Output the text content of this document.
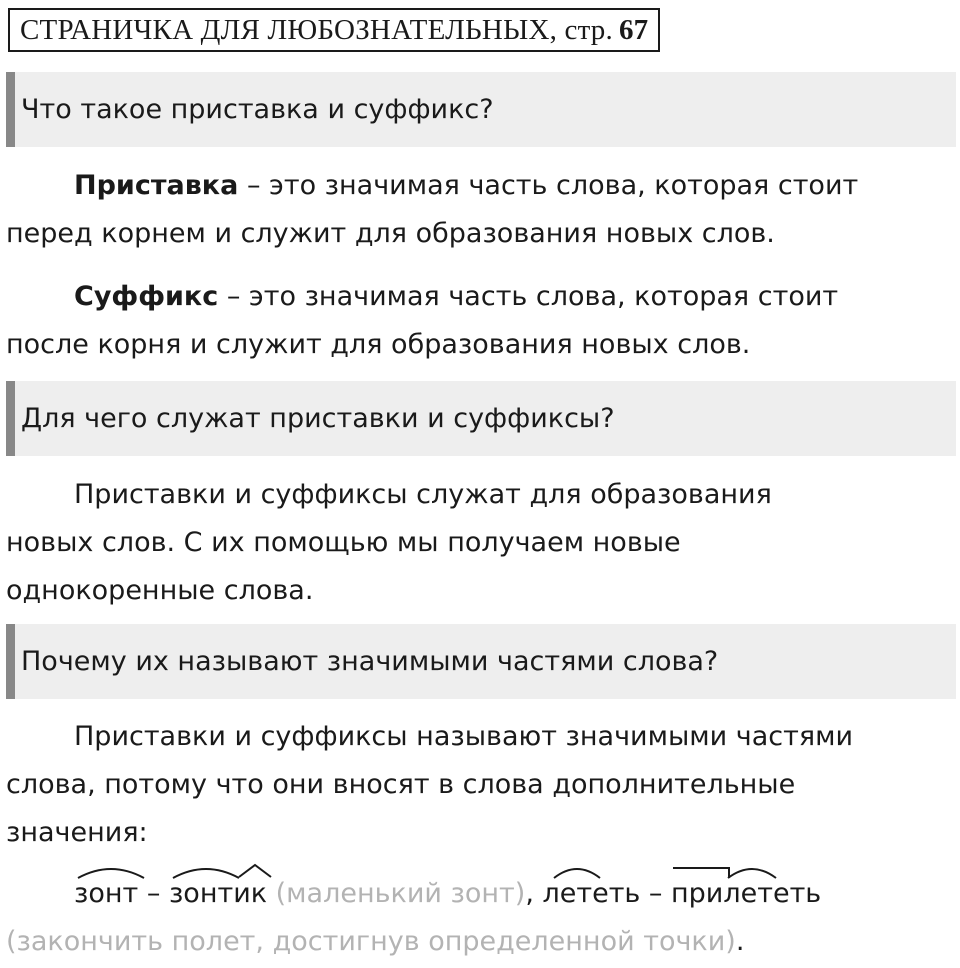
СТРАНИЧКА ДЛЯ ЛЮБОЗНАТЕЛЬНЫХ, стр. 67
Что такое приставка и суффикс?
Приставка – это значимая часть слова, которая стоит
перед корнем и служит для образования новых слов.
Суффикс – это значимая часть слова, которая стоит
после корня и служит для образования новых слов.
Для чего служат приставки и суффиксы?
Приставки и суффиксы служат для образования
новых слов. С их помощью мы получаем новые
однокоренные слова.
Почему их называют значимыми частями слова?
Приставки и суффиксы называют значимыми частями
слова, потому что они вносят в слова дополнительные
значения:
зонт –
зонтик (маленький зонт),
лететь –
прилететь
(закончить полет, достигнув определенной точки).
